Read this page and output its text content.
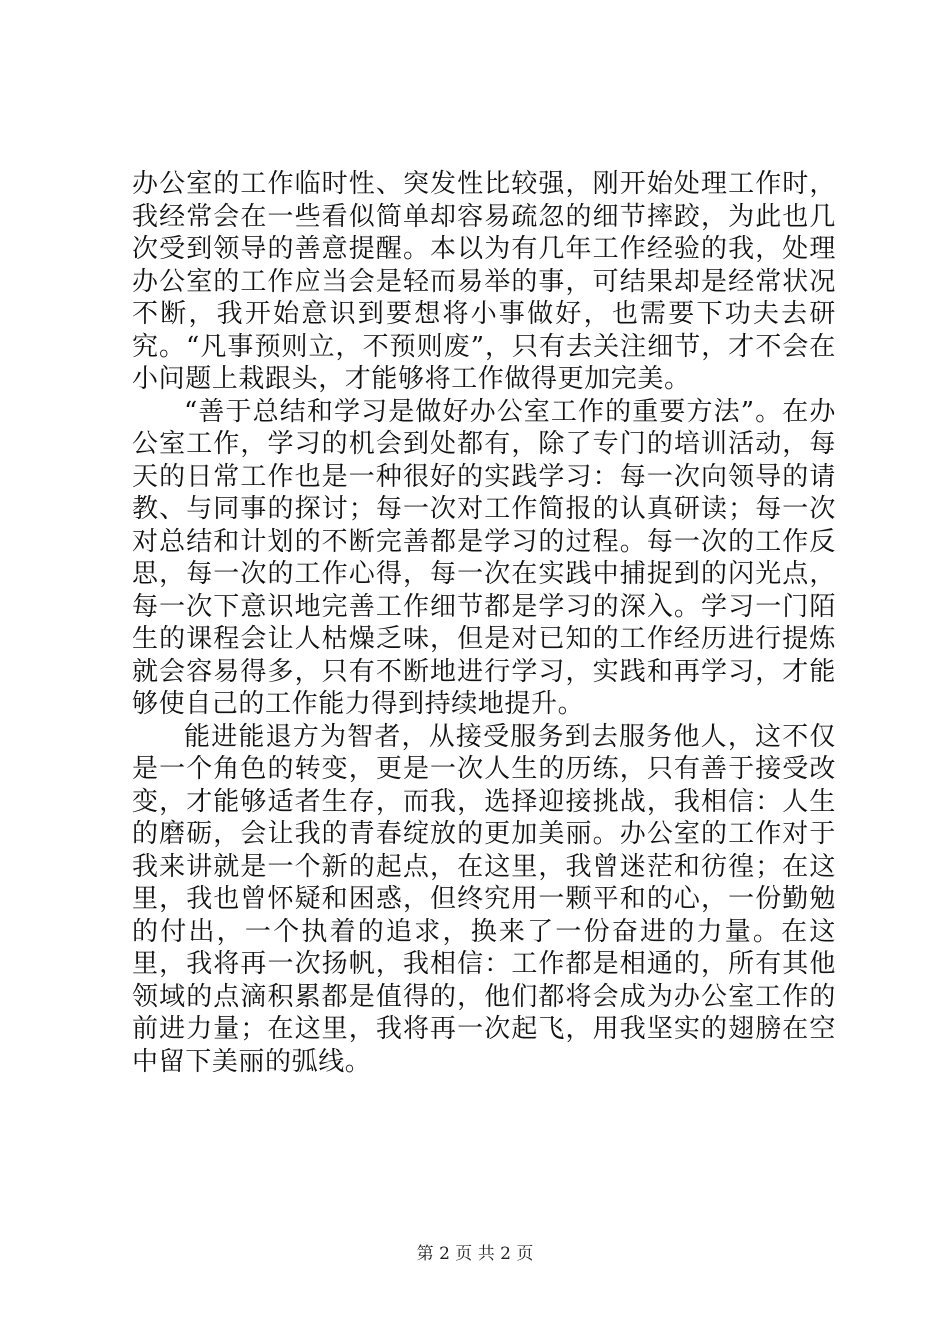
办公室的工作临时性、突发性比较强，刚开始处理工作时，我经常会在一些看似简单却容易疏忽的细节摔跤，为此也几次受到领导的善意提醒。本以为有几年工作经验的我，处理办公室的工作应当会是轻而易举的事，可结果却是经常状况不断，我开始意识到要想将小事做好，也需要下功夫去研究。“凡事预则立，不预则废”，只有去关注细节，才不会在小问题上栽跟头，才能够将工作做得更加完美。

“善于总结和学习是做好办公室工作的重要方法”。在办公室工作，学习的机会到处都有，除了专门的培训活动，每天的日常工作也是一种很好的实践学习：每一次向领导的请教、与同事的探讨；每一次对工作简报的认真研读；每一次对总结和计划的不断完善都是学习的过程。每一次的工作反思，每一次的工作心得，每一次在实践中捕捉到的闪光点，每一次下意识地完善工作细节都是学习的深入。学习一门陌生的课程会让人枯燥乏味，但是对已知的工作经历进行提炼就会容易得多，只有不断地进行学习，实践和再学习，才能够使自己的工作能力得到持续地提升。

能进能退方为智者，从接受服务到去服务他人，这不仅是一个角色的转变，更是一次人生的历练，只有善于接受改变，才能够适者生存，而我，选择迎接挑战，我相信：人生的磨砺，会让我的青春绽放的更加美丽。办公室的工作对于我来讲就是一个新的起点，在这里，我曾迷茫和彷徨；在这里，我也曾怀疑和困惑，但终究用一颗平和的心，一份勤勉的付出，一个执着的追求，换来了一份奋进的力量。在这里，我将再一次扬帆，我相信：工作都是相通的，所有其他领域的点滴积累都是值得的，他们都将会成为办公室工作的前进力量；在这里，我将再一次起飞，用我坚实的翅膀在空中留下美丽的弧线。

第 2 页 共 2 页
